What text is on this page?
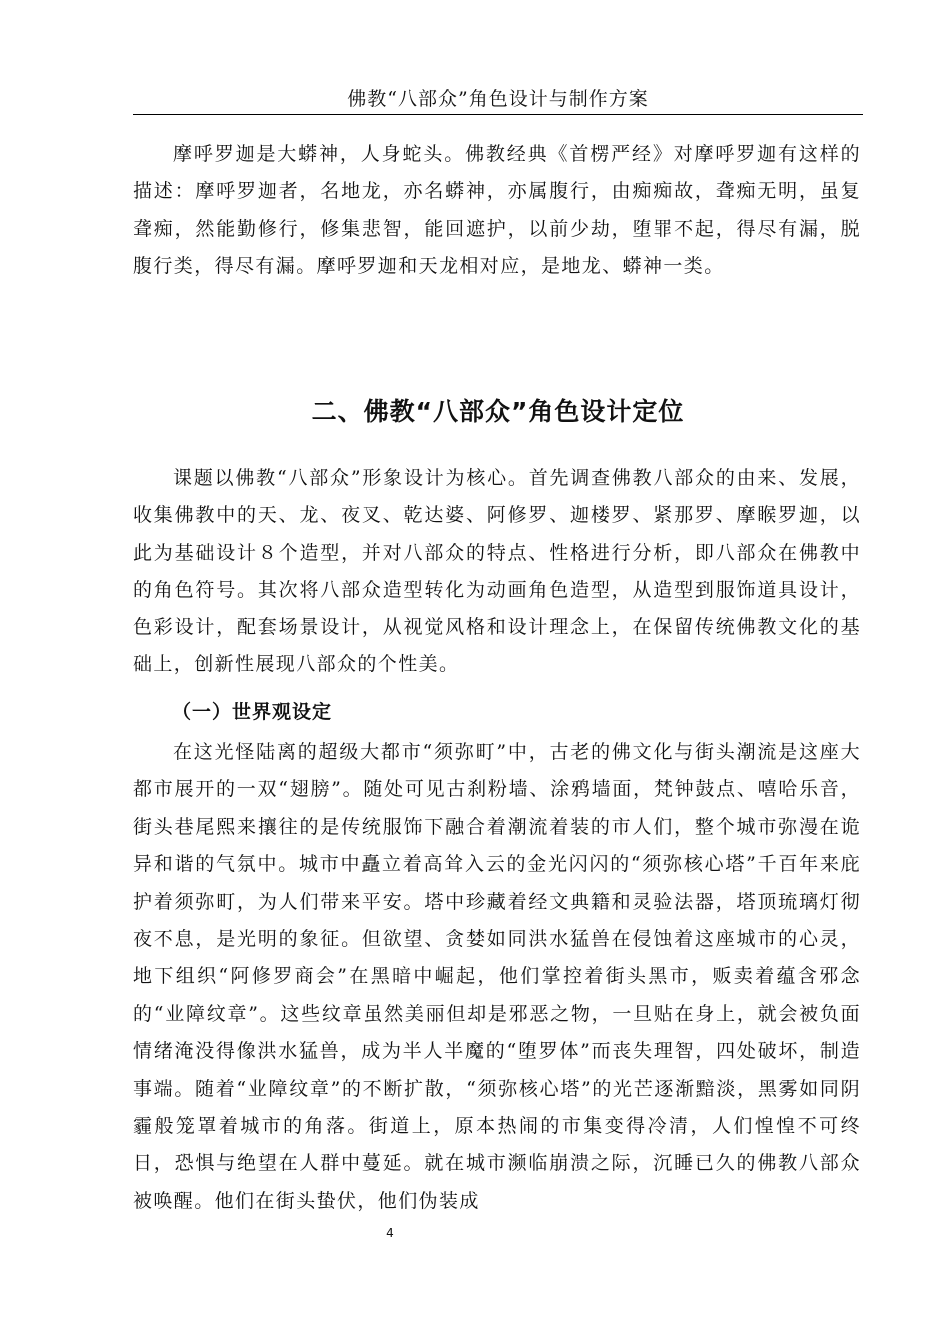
佛教“八部众”角色设计与制作方案

摩呼罗迦是大蟒神，人身蛇头。佛教经典《首楞严经》对摩呼罗迦有这样的描述：摩呼罗迦者，名地龙，亦名蟒神，亦属腹行，由痴痴故，聋痴无明，虽复聋痴，然能勤修行，修集悲智，能回遮护，以前少劫，堕罪不起，得尽有漏，脱腹行类，得尽有漏。摩呼罗迦和天龙相对应，是地龙、蟒神一类。

二、佛教“八部众”角色设计定位

课题以佛教“八部众”形象设计为核心。首先调查佛教八部众的由来、发展，收集佛教中的天、龙、夜叉、乾达婆、阿修罗、迦楼罗、紧那罗、摩睺罗迦，以此为基础设计８个造型，并对八部众的特点、性格进行分析，即八部众在佛教中的角色符号。其次将八部众造型转化为动画角色造型，从造型到服饰道具设计，色彩设计，配套场景设计，从视觉风格和设计理念上，在保留传统佛教文化的基础上，创新性展现八部众的个性美。

（一）世界观设定

在这光怪陆离的超级大都市“须弥町”中，古老的佛文化与街头潮流是这座大都市展开的一双“翅膀”。随处可见古刹粉墙、涂鸦墙面，梵钟鼓点、嘻哈乐音，街头巷尾熙来攘往的是传统服饰下融合着潮流着装的市人们，整个城市弥漫在诡异和谐的气氛中。城市中矗立着高耸入云的金光闪闪的“须弥核心塔”千百年来庇护着须弥町，为人们带来平安。塔中珍藏着经文典籍和灵验法器，塔顶琉璃灯彻夜不息，是光明的象征。但欲望、贪婪如同洪水猛兽在侵蚀着这座城市的心灵，地下组织“阿修罗商会”在黑暗中崛起，他们掌控着街头黑市，贩卖着蕴含邪念的“业障纹章”。这些纹章虽然美丽但却是邪恶之物，一旦贴在身上，就会被负面情绪淹没得像洪水猛兽，成为半人半魔的“堕罗体”而丧失理智，四处破坏，制造事端。随着“业障纹章”的不断扩散，“须弥核心塔”的光芒逐渐黯淡，黑雾如同阴霾般笼罩着城市的角落。街道上，原本热闹的市集变得冷清，人们惶惶不可终日，恐惧与绝望在人群中蔓延。就在城市濒临崩溃之际，沉睡已久的佛教八部众被唤醒。他们在街头蛰伏，他们伪装成

4
